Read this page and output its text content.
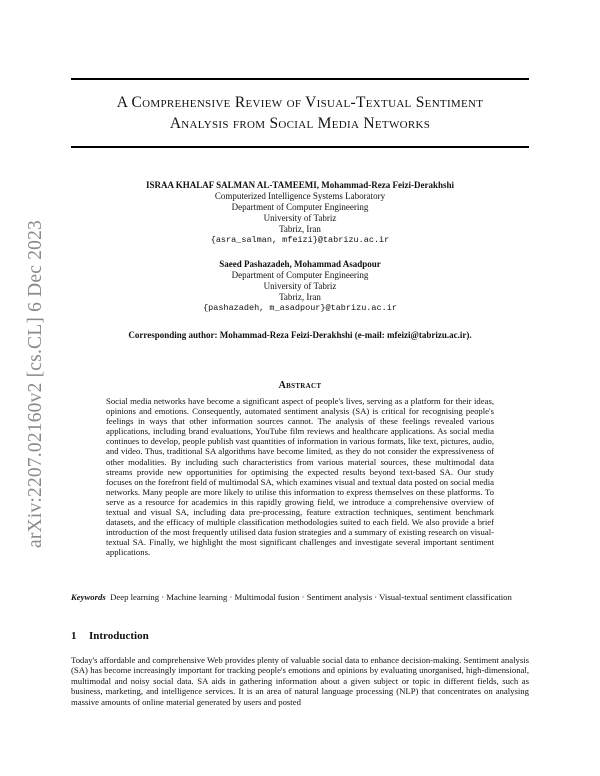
arXiv:2207.02160v2 [cs.CL] 6 Dec 2023
A Comprehensive Review of Visual-Textual Sentiment
Analysis from Social Media Networks
ISRAA KHALAF SALMAN AL-TAMEEMI, Mohammad-Reza Feizi-Derakhshi
Computerized Intelligence Systems Laboratory
Department of Computer Engineering
University of Tabriz
Tabriz, Iran
{asra_salman, mfeizi}@tabrizu.ac.ir
Saeed Pashazadeh, Mohammad Asadpour
Department of Computer Engineering
University of Tabriz
Tabriz, Iran
{pashazadeh, m_asadpour}@tabrizu.ac.ir
Corresponding author: Mohammad-Reza Feizi-Derakhshi (e-mail: mfeizi@tabrizu.ac.ir).
Abstract
Social media networks have become a significant aspect of people's lives, serving as a platform for their ideas, opinions and emotions. Consequently, automated sentiment analysis (SA) is critical for recognising people's feelings in ways that other information sources cannot. The analysis of these feelings revealed various applications, including brand evaluations, YouTube film reviews and healthcare applications. As social media continues to develop, people publish vast quantities of information in various formats, like text, pictures, audio, and video. Thus, traditional SA algorithms have become limited, as they do not consider the expressiveness of other modalities. By including such characteristics from various material sources, these multimodal data streams provide new opportunities for optimising the expected results beyond text-based SA. Our study focuses on the forefront field of multimodal SA, which examines visual and textual data posted on social media networks. Many people are more likely to utilise this information to express themselves on these platforms. To serve as a resource for academics in this rapidly growing field, we introduce a comprehensive overview of textual and visual SA, including data pre-processing, feature extraction techniques, sentiment benchmark datasets, and the efficacy of multiple classification methodologies suited to each field. We also provide a brief introduction of the most frequently utilised data fusion strategies and a summary of existing research on visual-textual SA. Finally, we highlight the most significant challenges and investigate several important sentiment applications.
Keywords Deep learning · Machine learning · Multimodal fusion · Sentiment analysis · Visual-textual sentiment classification
1 Introduction
Today's affordable and comprehensive Web provides plenty of valuable social data to enhance decision-making. Sentiment analysis (SA) has become increasingly important for tracking people's emotions and opinions by evaluating unorganised, high-dimensional, multimodal and noisy social data. SA aids in gathering information about a given subject or topic in different fields, such as business, marketing, and intelligence services. It is an area of natural language processing (NLP) that concentrates on analysing massive amounts of online material generated by users and posted
